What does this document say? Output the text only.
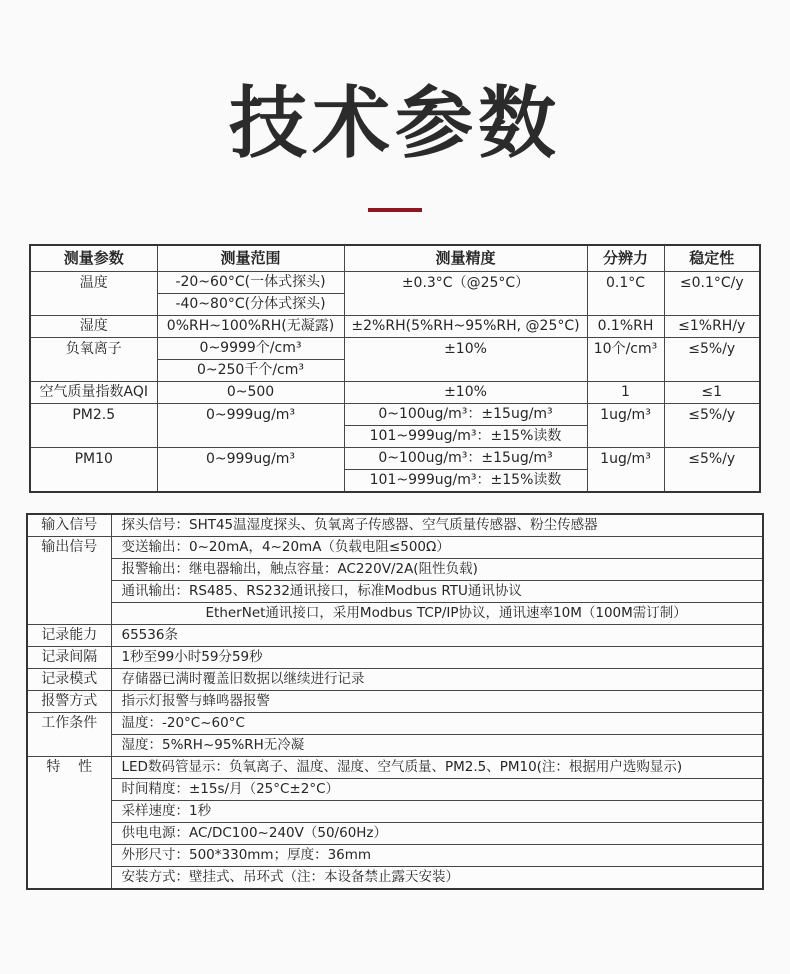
技术参数
测量参数	测量范围	测量精度	分辨力	稳定性
温度	-20~60°C(一体式探头)	±0.3°C（@25°C）	0.1°C	≤0.1°C/y
	-40~80°C(分体式探头)			
湿度	0%RH~100%RH(无凝露)	±2%RH(5%RH~95%RH, @25°C)	0.1%RH	≤1%RH/y
负氧离子	0~9999个/cm³	±10%	10个/cm³	≤5%/y
	0~250千个/cm³			
空气质量指数AQI	0~500	±10%	1	≤1
PM2.5	0~999ug/m³	0~100ug/m³：±15ug/m³	1ug/m³	≤5%/y
		101~999ug/m³：±15%读数		
PM10	0~999ug/m³	0~100ug/m³：±15ug/m³	1ug/m³	≤5%/y
		101~999ug/m³：±15%读数		
输入信号	探头信号：SHT45温湿度探头、负氧离子传感器、空气质量传感器、粉尘传感器
输出信号	变送输出：0~20mA，4~20mA（负载电阻≤500Ω）
	报警输出：继电器输出，触点容量：AC220V/2A(阻性负载)
	通讯输出：RS485、RS232通讯接口，标准Modbus RTU通讯协议
	EtherNet通讯接口，采用Modbus TCP/IP协议，通讯速率10M（100M需订制）
记录能力	65536条
记录间隔	1秒至99小时59分59秒
记录模式	存储器已满时覆盖旧数据以继续进行记录
报警方式	指示灯报警与蜂鸣器报警
工作条件	温度：-20°C~60°C
	湿度：5%RH~95%RH无冷凝
特    性	LED数码管显示：负氧离子、温度、湿度、空气质量、PM2.5、PM10(注：根据用户选购显示)
	时间精度：±15s/月（25°C±2°C）
	采样速度：1秒
	供电电源：AC/DC100~240V（50/60Hz）
	外形尺寸：500*330mm；厚度：36mm
	安装方式：壁挂式、吊环式（注：本设备禁止露天安装）
